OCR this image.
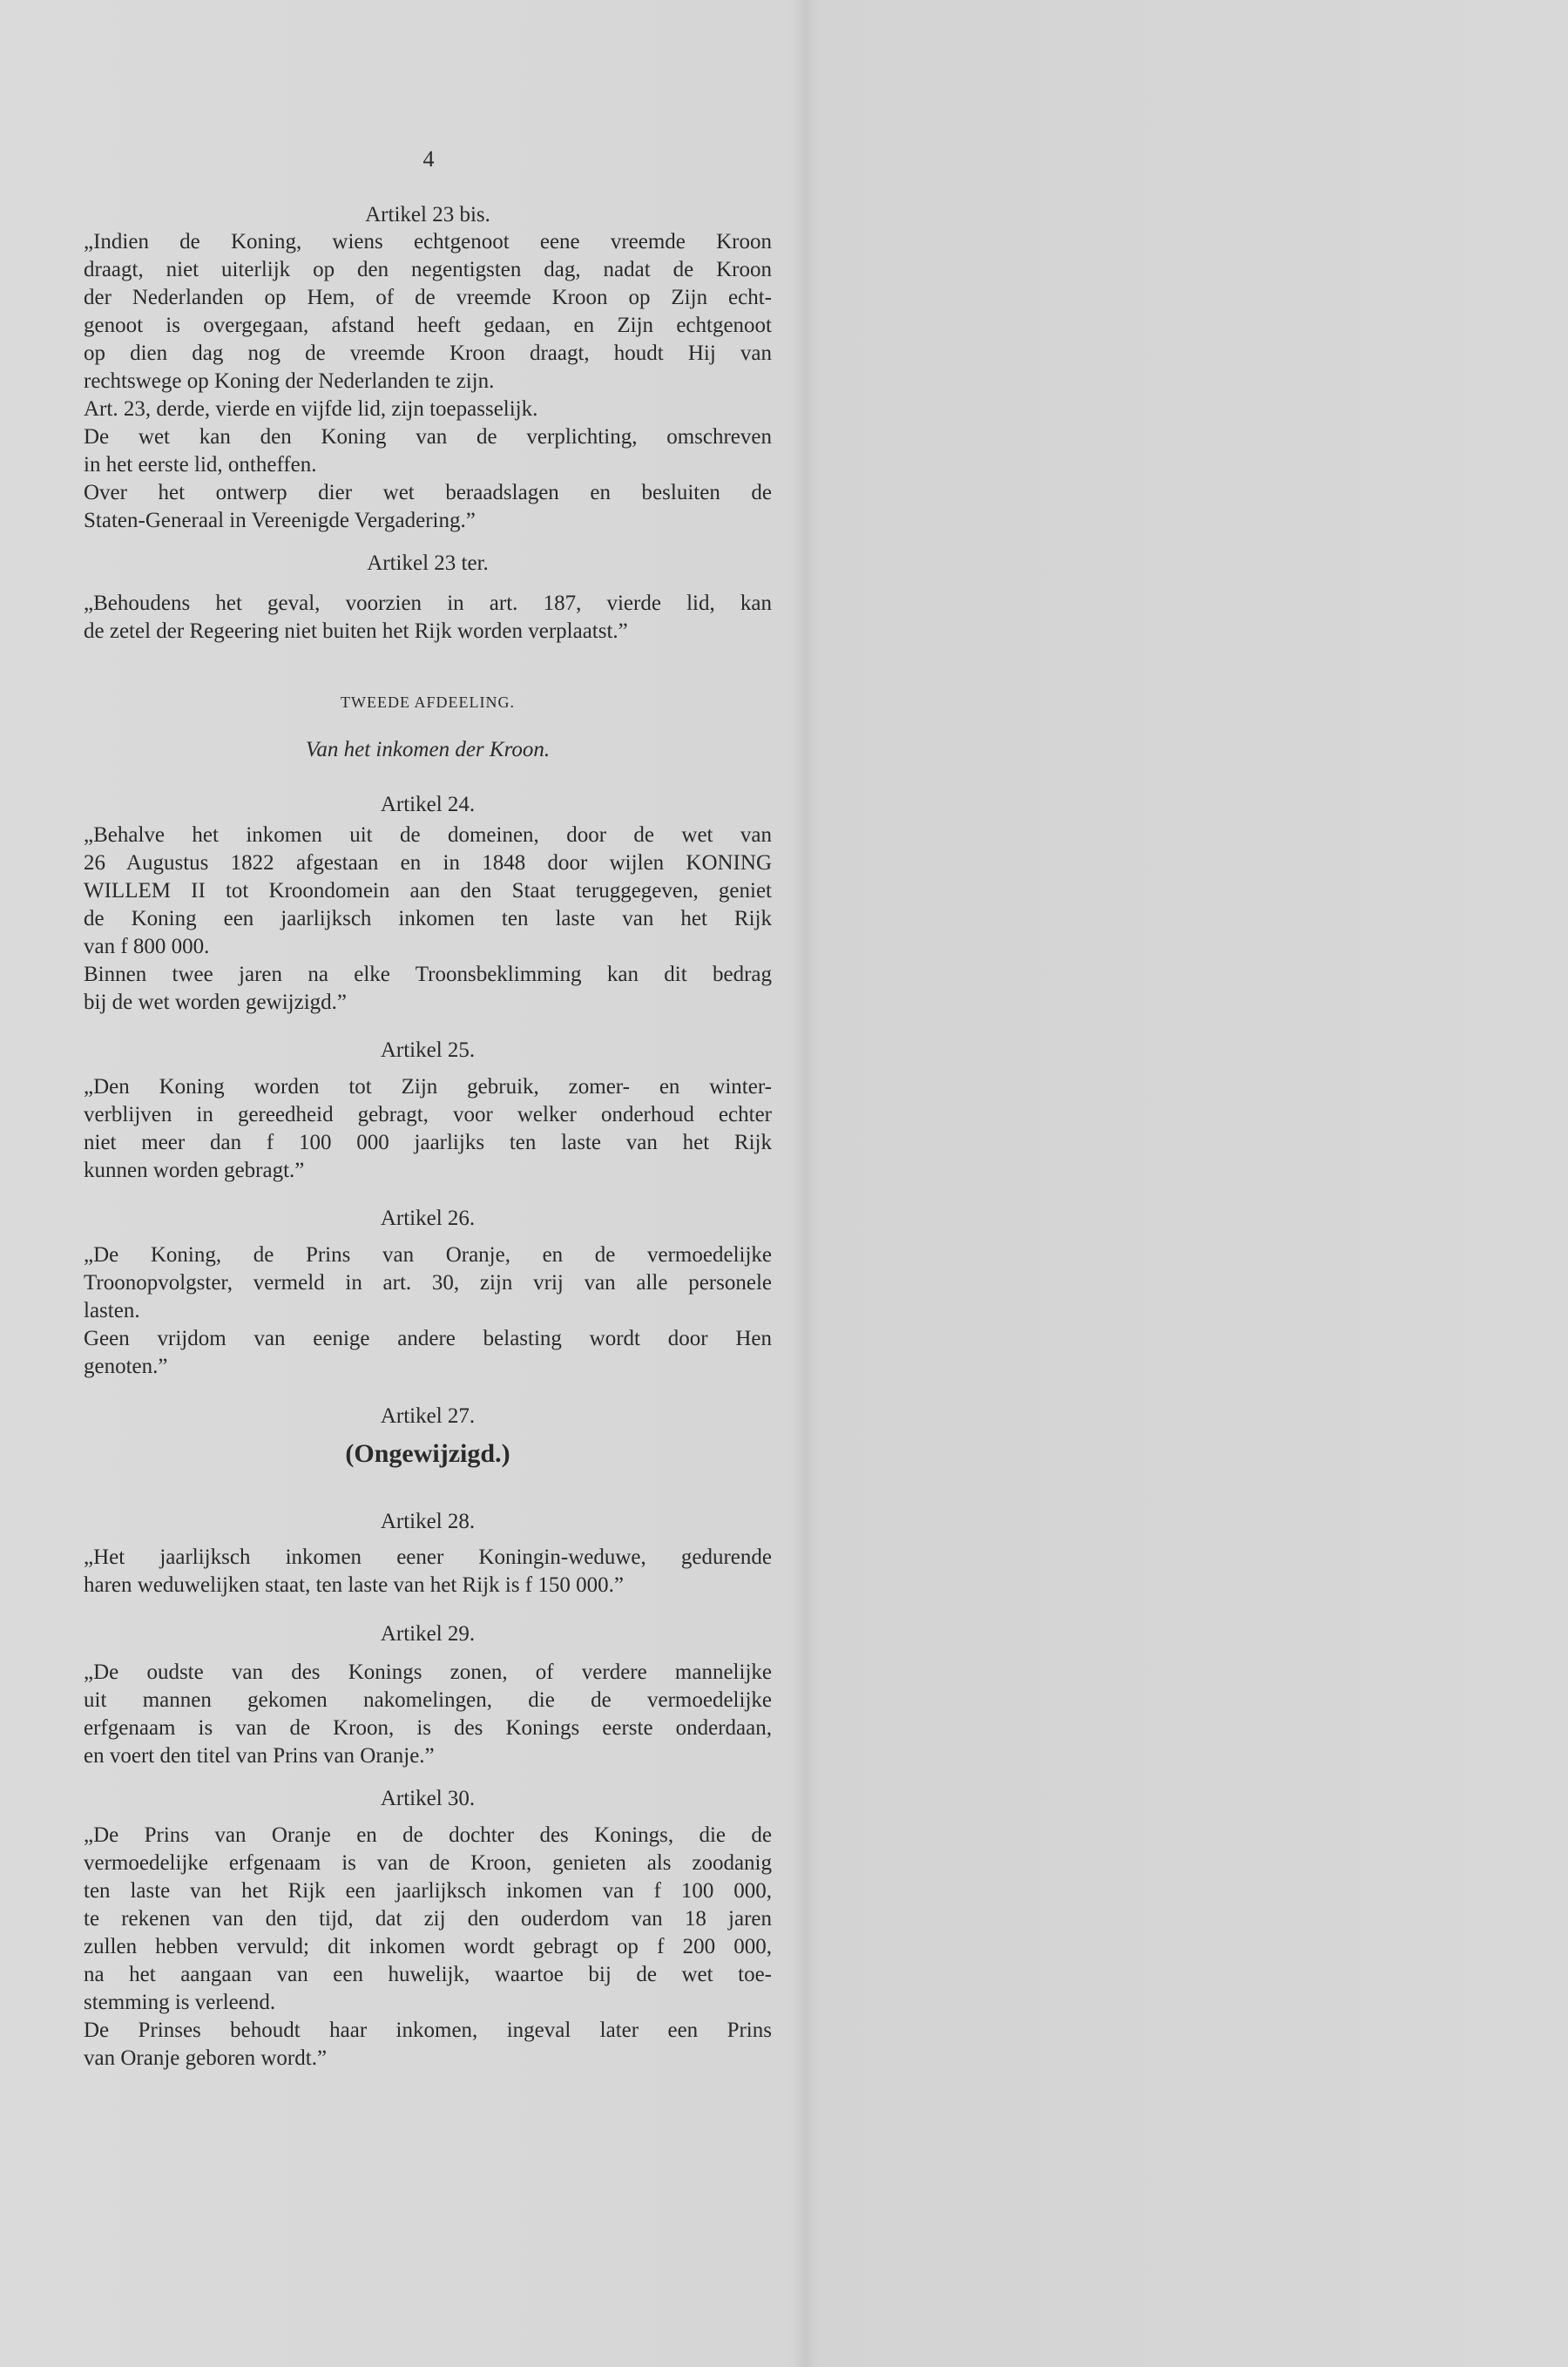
4
Artikel 23 bis.
„Indien de Koning, wiens echtgenoot eene vreemde Kroon
draagt, niet uiterlijk op den negentigsten dag, nadat de Kroon
der Nederlanden op Hem, of de vreemde Kroon op Zijn echt-
genoot is overgegaan, afstand heeft gedaan, en Zijn echtgenoot
op dien dag nog de vreemde Kroon draagt, houdt Hij van
rechtswege op Koning der Nederlanden te zijn.
Art. 23, derde, vierde en vijfde lid, zijn toepasselijk.
De wet kan den Koning van de verplichting, omschreven
in het eerste lid, ontheffen.
Over het ontwerp dier wet beraadslagen en besluiten de
Staten-Generaal in Vereenigde Vergadering.”
Artikel 23 ter.
„Behoudens het geval, voorzien in art. 187, vierde lid, kan
de zetel der Regeering niet buiten het Rijk worden verplaatst.”
TWEEDE AFDEELING.
Van het inkomen der Kroon.
Artikel 24.
„Behalve het inkomen uit de domeinen, door de wet van
26 Augustus 1822 afgestaan en in 1848 door wijlen KONING
WILLEM II tot Kroondomein aan den Staat teruggegeven, geniet
de Koning een jaarlijksch inkomen ten laste van het Rijk
van f 800 000.
Binnen twee jaren na elke Troonsbeklimming kan dit bedrag
bij de wet worden gewijzigd.”
Artikel 25.
„Den Koning worden tot Zijn gebruik, zomer- en winter-
verblijven in gereedheid gebragt, voor welker onderhoud echter
niet meer dan f 100 000 jaarlijks ten laste van het Rijk
kunnen worden gebragt.”
Artikel 26.
„De Koning, de Prins van Oranje, en de vermoedelijke
Troonopvolgster, vermeld in art. 30, zijn vrij van alle personele
lasten.
Geen vrijdom van eenige andere belasting wordt door Hen
genoten.”
Artikel 27.
(Ongewijzigd.)
Artikel 28.
„Het jaarlijksch inkomen eener Koningin-weduwe, gedurende
haren weduwelijken staat, ten laste van het Rijk is f 150 000.”
Artikel 29.
„De oudste van des Konings zonen, of verdere mannelijke
uit mannen gekomen nakomelingen, die de vermoedelijke
erfgenaam is van de Kroon, is des Konings eerste onderdaan,
en voert den titel van Prins van Oranje.”
Artikel 30.
„De Prins van Oranje en de dochter des Konings, die de
vermoedelijke erfgenaam is van de Kroon, genieten als zoodanig
ten laste van het Rijk een jaarlijksch inkomen van f 100 000,
te rekenen van den tijd, dat zij den ouderdom van 18 jaren
zullen hebben vervuld; dit inkomen wordt gebragt op f 200 000,
na het aangaan van een huwelijk, waartoe bij de wet toe-
stemming is verleend.
De Prinses behoudt haar inkomen, ingeval later een Prins
van Oranje geboren wordt.”
